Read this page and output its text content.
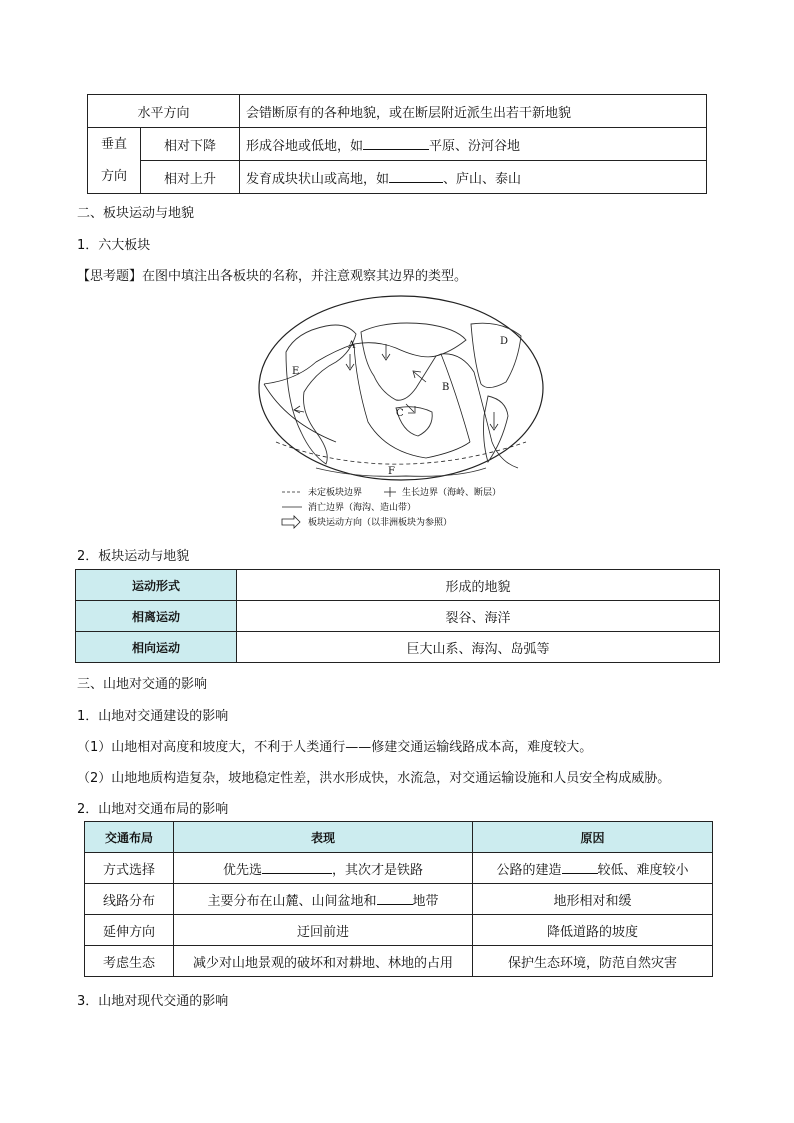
水平方向		会错断原有的各种地貌，或在断层附近派生出若干新地貌
垂直
方向	相对下降	形成谷地或低地，如 平原、汾河谷地
	相对上升	发育成块状山或高地，如 、庐山、泰山
二、板块运动与地貌
1．六大板块
【思考题】在图中填注出各板块的名称，并注意观察其边界的类型。
A
B
C
D
E
F
未定板块边界	生长边界（海岭、断层）
消亡边界（海沟、造山带）
板块运动方向（以非洲板块为参照）
2．板块运动与地貌
运动形式	形成的地貌
相离运动	裂谷、海洋
相向运动	巨大山系、海沟、岛弧等
三、山地对交通的影响
1．山地对交通建设的影响
（1）山地相对高度和坡度大，不利于人类通行——修建交通运输线路成本高，难度较大。
（2）山地地质构造复杂，坡地稳定性差，洪水形成快，水流急，对交通运输设施和人员安全构成威胁。
2．山地对交通布局的影响
交通布局	表现	原因
方式选择	优先选 ，其次才是铁路	公路的建造 较低、难度较小
线路分布	主要分布在山麓、山间盆地和 地带	地形相对和缓
延伸方向	迂回前进	降低道路的坡度
考虑生态	减少对山地景观的破坏和对耕地、林地的占用	保护生态环境，防范自然灾害
3．山地对现代交通的影响
